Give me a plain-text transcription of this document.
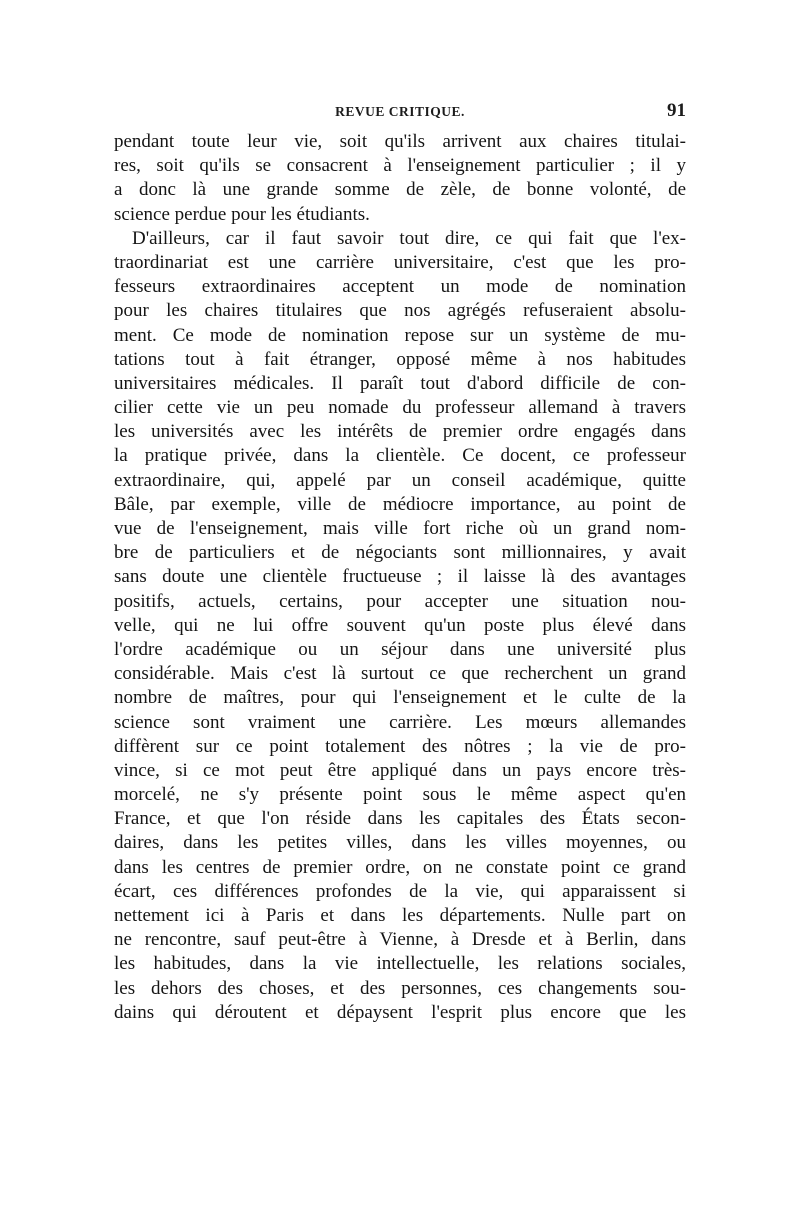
REVUE CRITIQUE.	91
pendant toute leur vie, soit qu'ils arrivent aux chaires titulai-
res, soit qu'ils se consacrent à l'enseignement particulier ; il y
a donc là une grande somme de zèle, de bonne volonté, de
science perdue pour les étudiants.
D'ailleurs, car il faut savoir tout dire, ce qui fait que l'ex-
traordinariat est une carrière universitaire, c'est que les pro-
fesseurs extraordinaires acceptent un mode de nomination
pour les chaires titulaires que nos agrégés refuseraient absolu-
ment. Ce mode de nomination repose sur un système de mu-
tations tout à fait étranger, opposé même à nos habitudes
universitaires médicales. Il paraît tout d'abord difficile de con-
cilier cette vie un peu nomade du professeur allemand à travers
les universités avec les intérêts de premier ordre engagés dans
la pratique privée, dans la clientèle. Ce docent, ce professeur
extraordinaire, qui, appelé par un conseil académique, quitte
Bâle, par exemple, ville de médiocre importance, au point de
vue de l'enseignement, mais ville fort riche où un grand nom-
bre de particuliers et de négociants sont millionnaires, y avait
sans doute une clientèle fructueuse ; il laisse là des avantages
positifs, actuels, certains, pour accepter une situation nou-
velle, qui ne lui offre souvent qu'un poste plus élevé dans
l'ordre académique ou un séjour dans une université plus
considérable. Mais c'est là surtout ce que recherchent un grand
nombre de maîtres, pour qui l'enseignement et le culte de la
science sont vraiment une carrière. Les mœurs allemandes
diffèrent sur ce point totalement des nôtres ; la vie de pro-
vince, si ce mot peut être appliqué dans un pays encore très-
morcelé, ne s'y présente point sous le même aspect qu'en
France, et que l'on réside dans les capitales des États secon-
daires, dans les petites villes, dans les villes moyennes, ou
dans les centres de premier ordre, on ne constate point ce grand
écart, ces différences profondes de la vie, qui apparaissent si
nettement ici à Paris et dans les départements. Nulle part on
ne rencontre, sauf peut-être à Vienne, à Dresde et à Berlin, dans
les habitudes, dans la vie intellectuelle, les relations sociales,
les dehors des choses, et des personnes, ces changements sou-
dains qui déroutent et dépaysent l'esprit plus encore que les
